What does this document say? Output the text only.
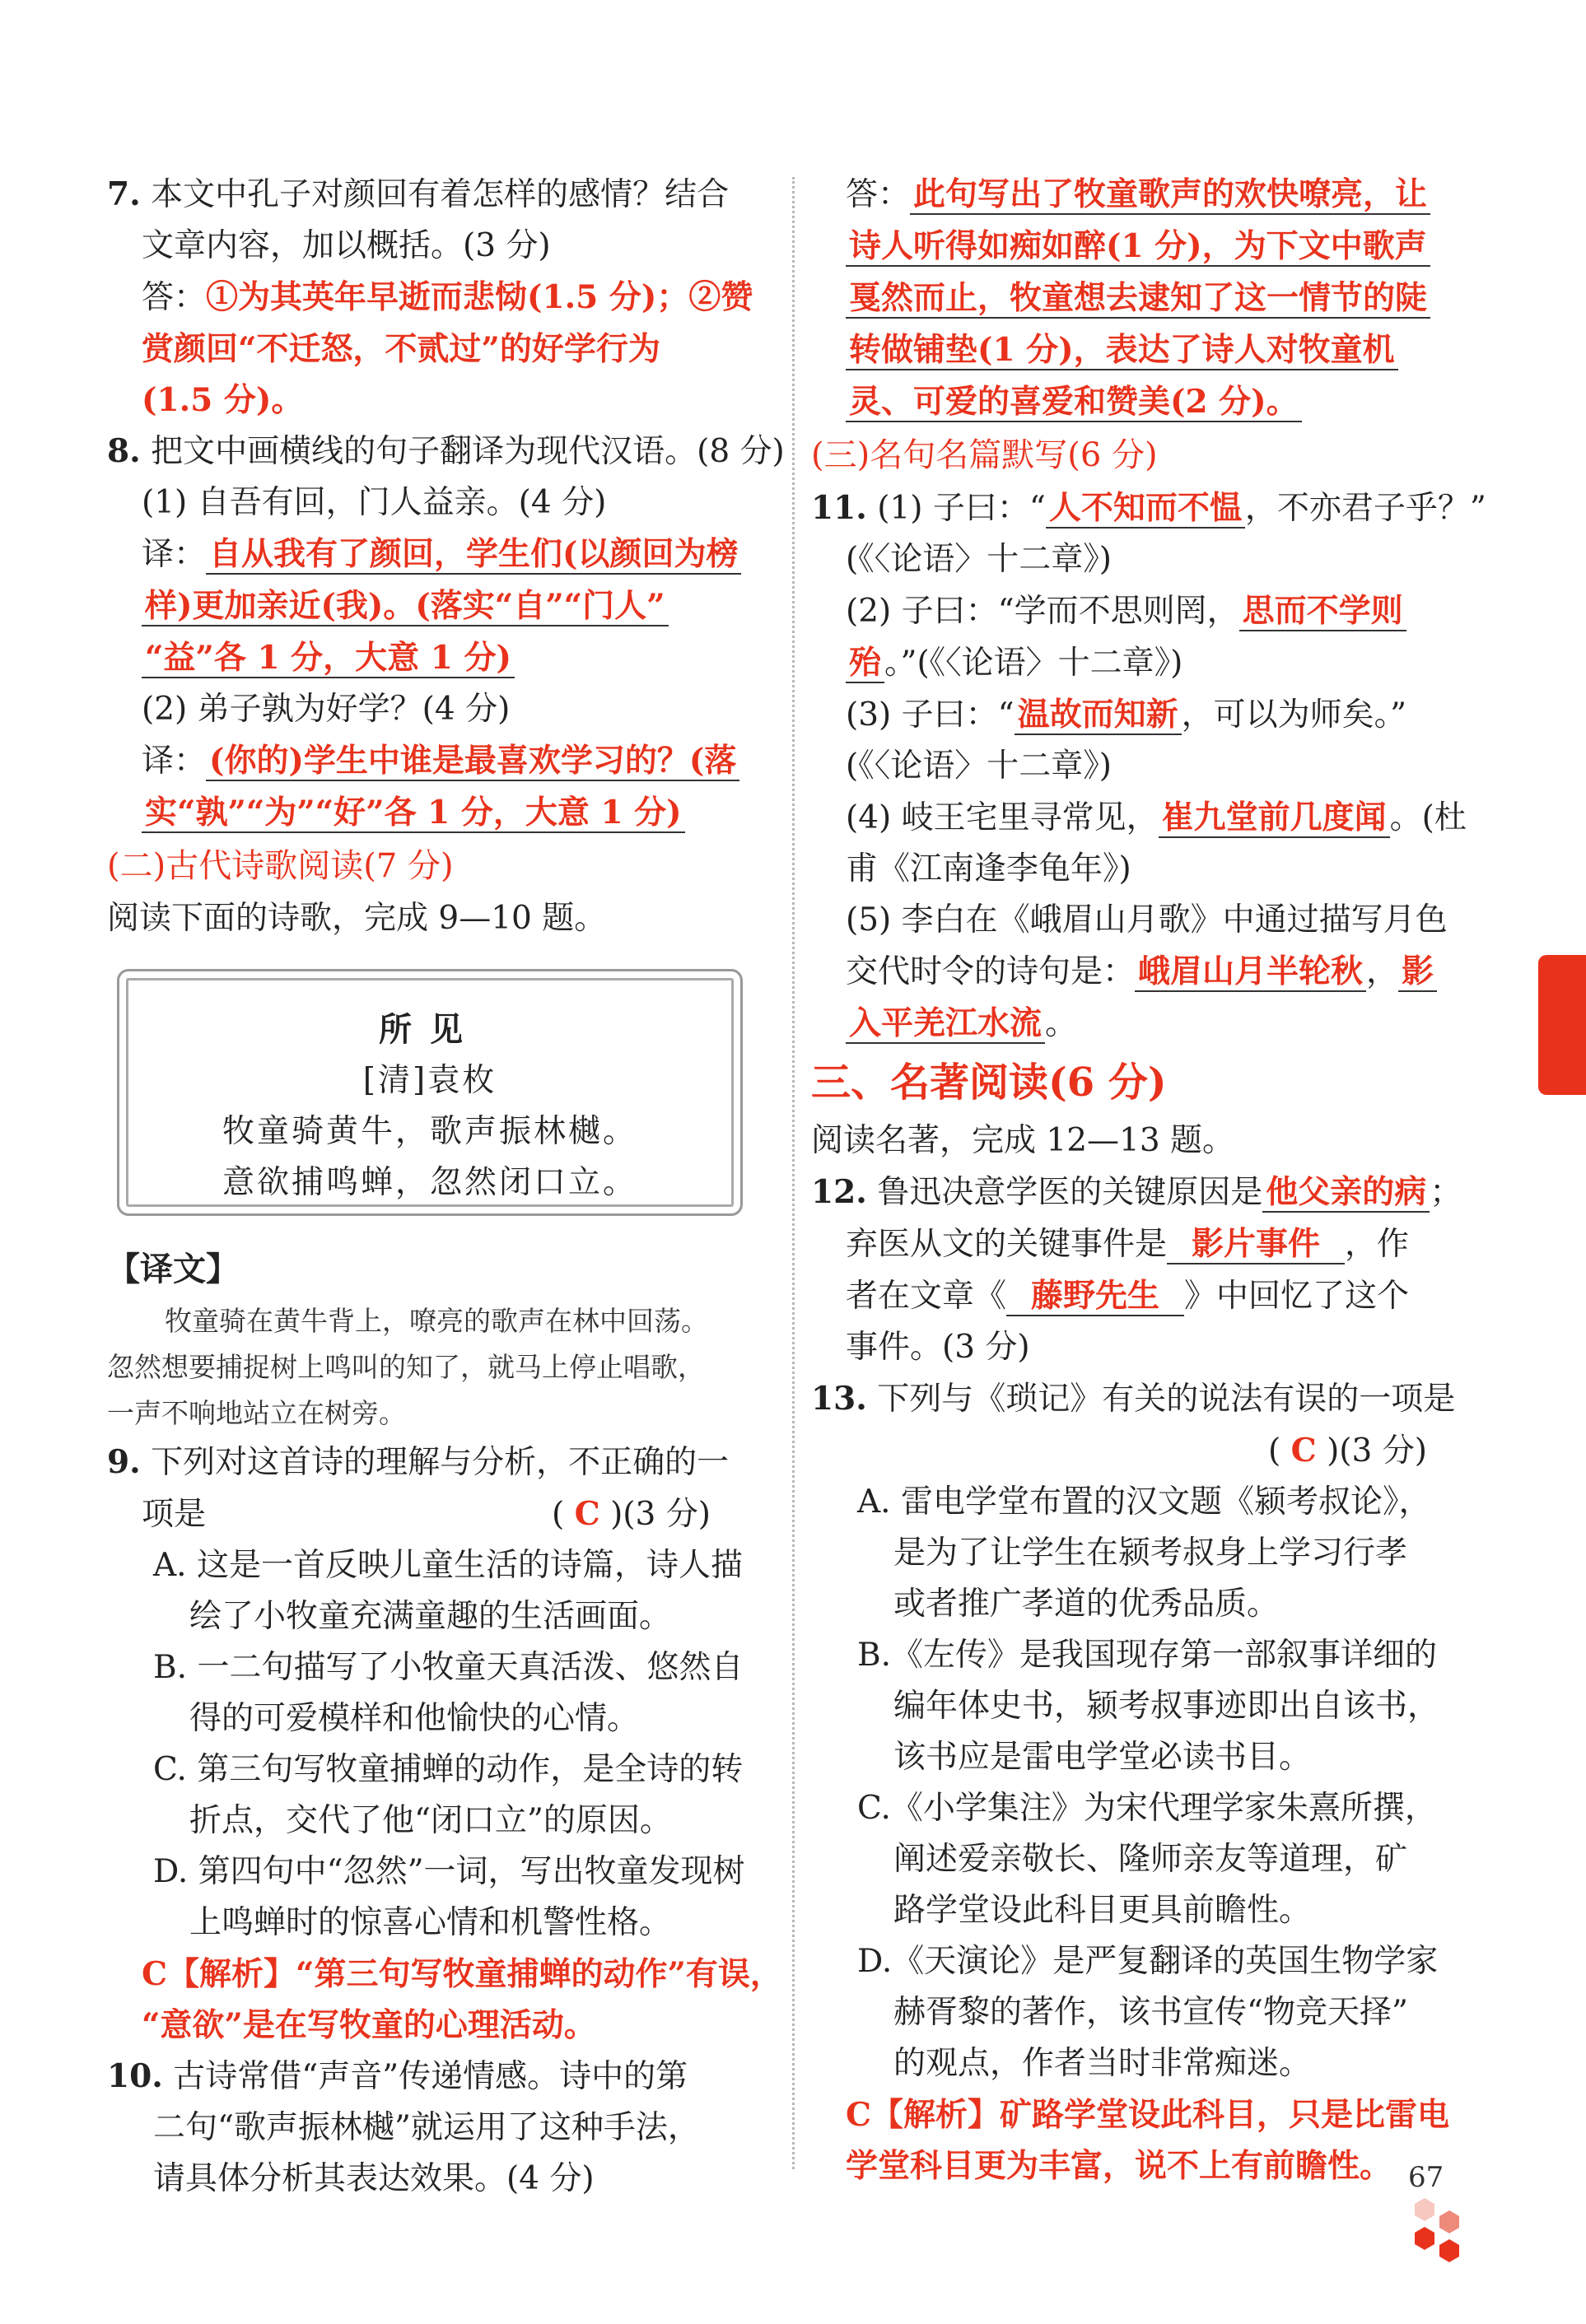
7. 本文中孔子对颜回有着怎样的感情？结合
文章内容，加以概括。(3 分)
答：①为其英年早逝而悲恸(1.5 分)；②赞
赏颜回“不迁怒，不贰过”的好学行为
(1.5 分)。
8. 把文中画横线的句子翻译为现代汉语。(8 分)
(1) 自吾有回，门人益亲。(4 分)
译： 自从我有了颜回，学生们(以颜回为榜
样)更加亲近(我)。(落实“自”“门人”
“益”各 1 分，大意 1 分)
(2) 弟子孰为好学？(4 分)
译： (你的)学生中谁是最喜欢学习的？(落
实“孰”“为”“好”各 1 分，大意 1 分)
(二)古代诗歌阅读(7 分)
阅读下面的诗歌，完成 9—10 题。
所见
[清]袁枚
牧童骑黄牛，歌声振林樾。
意欲捕鸣蝉，忽然闭口立。
【译文】
牧童骑在黄牛背上，嘹亮的歌声在林中回荡。
忽然想要捕捉树上鸣叫的知了，就马上停止唱歌，
一声不响地站立在树旁。
9. 下列对这首诗的理解与分析，不正确的一
项是	( C )(3 分)
A. 这是一首反映儿童生活的诗篇，诗人描
绘了小牧童充满童趣的生活画面。
B. 一二句描写了小牧童天真活泼、悠然自
得的可爱模样和他愉快的心情。
C. 第三句写牧童捕蝉的动作，是全诗的转
折点，交代了他“闭口立”的原因。
D. 第四句中“忽然”一词，写出牧童发现树
上鸣蝉时的惊喜心情和机警性格。
C【解析】“第三句写牧童捕蝉的动作”有误，
“意欲”是在写牧童的心理活动。
10. 古诗常借“声音”传递情感。诗中的第
二句“歌声振林樾”就运用了这种手法，
请具体分析其表达效果。(4 分)
答： 此句写出了牧童歌声的欢快嘹亮，让
诗人听得如痴如醉(1 分)，为下文中歌声
戛然而止，牧童想去逮知了这一情节的陡
转做铺垫(1 分)，表达了诗人对牧童机
灵、可爱的喜爱和赞美(2 分)。
(三)名句名篇默写(6 分)
11. (1) 子曰：“ 人不知而不愠 ，不亦君子乎？”
(《〈论语〉十二章》)
(2) 子曰：“学而不思则罔， 思而不学则
殆 。”(《〈论语〉十二章》)
(3) 子曰：“ 温故而知新 ，可以为师矣。”
(《〈论语〉十二章》)
(4) 岐王宅里寻常见， 崔九堂前几度闻 。(杜
甫《江南逢李龟年》)
(5) 李白在《峨眉山月歌》中通过描写月色
交代时令的诗句是： 峨眉山月半轮秋 ， 影
入平羌江水流 。
三、名著阅读(6 分)
阅读名著，完成 12—13 题。
12. 鲁迅决意学医的关键原因是 他父亲的病 ；
弃医从文的关键事件是 影片事件 ，作
者在文章《 藤野先生 》中回忆了这个
事件。(3 分)
13. 下列与《琐记》有关的说法有误的一项是
( C )(3 分)
A. 雷电学堂布置的汉文题《颍考叔论》，
是为了让学生在颍考叔身上学习行孝
或者推广孝道的优秀品质。
B.《左传》是我国现存第一部叙事详细的
编年体史书，颍考叔事迹即出自该书，
该书应是雷电学堂必读书目。
C.《小学集注》为宋代理学家朱熹所撰，
阐述爱亲敬长、隆师亲友等道理，矿
路学堂设此科目更具前瞻性。
D.《天演论》是严复翻译的英国生物学家
赫胥黎的著作，该书宣传“物竞天择”
的观点，作者当时非常痴迷。
C【解析】矿路学堂设此科目，只是比雷电
学堂科目更为丰富，说不上有前瞻性。 67
